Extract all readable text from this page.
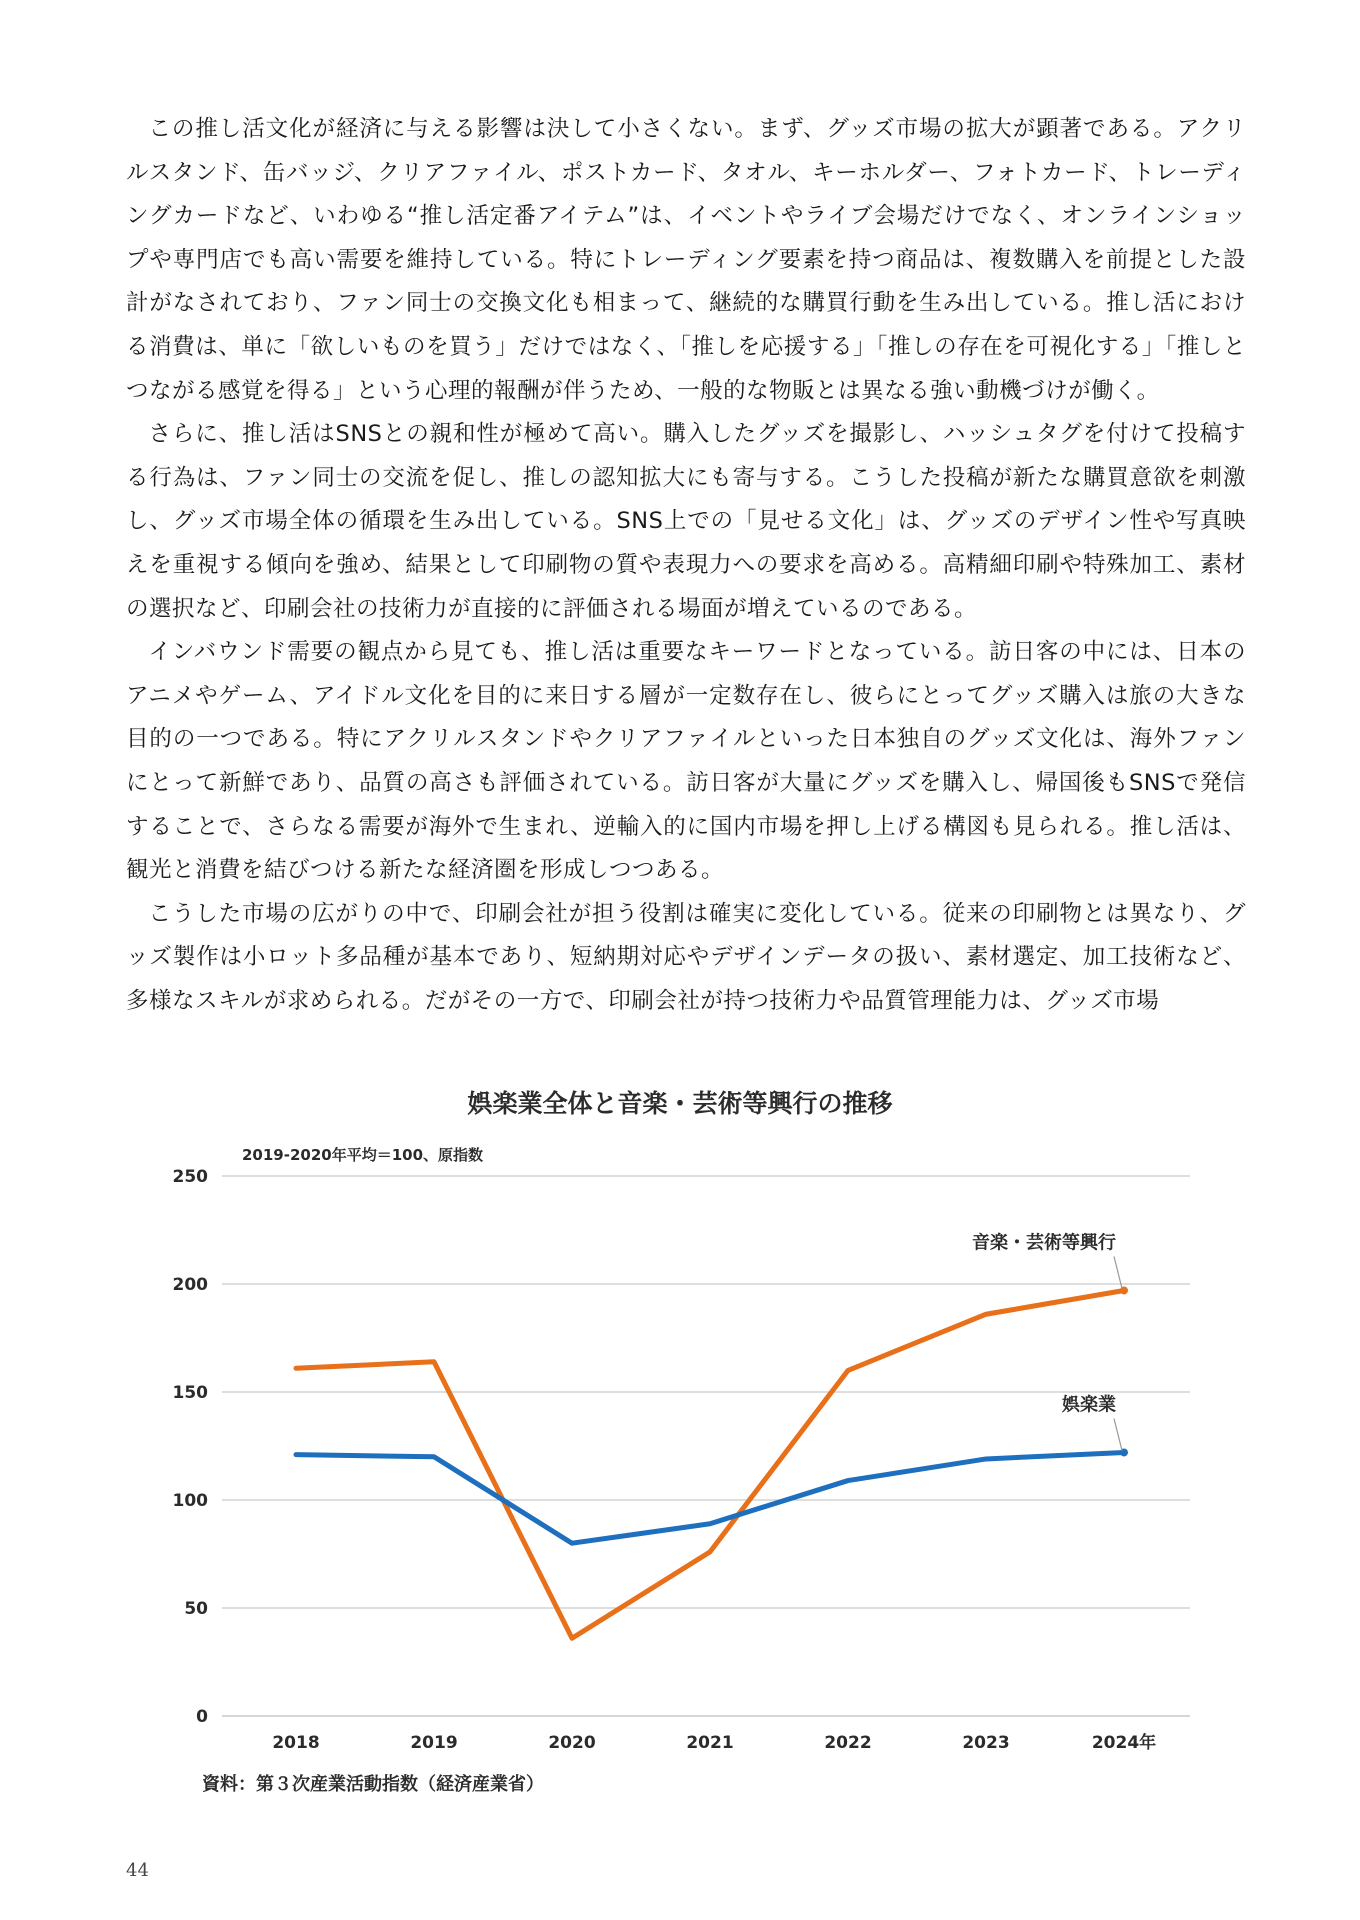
この推し活文化が経済に与える影響は決して小さくない。まず、グッズ市場の拡大が顕著である。アクリルスタンド、缶バッジ、クリアファイル、ポストカード、タオル、キーホルダー、フォトカード、トレーディングカードなど、いわゆる“推し活定番アイテム”は、イベントやライブ会場だけでなく、オンラインショップや専門店でも高い需要を維持している。特にトレーディング要素を持つ商品は、複数購入を前提とした設計がなされており、ファン同士の交換文化も相まって、継続的な購買行動を生み出している。推し活における消費は、単に「欲しいものを買う」だけではなく、「推しを応援する」「推しの存在を可視化する」「推しとつながる感覚を得る」という心理的報酬が伴うため、一般的な物販とは異なる強い動機づけが働く。

さらに、推し活はSNSとの親和性が極めて高い。購入したグッズを撮影し、ハッシュタグを付けて投稿する行為は、ファン同士の交流を促し、推しの認知拡大にも寄与する。こうした投稿が新たな購買意欲を刺激し、グッズ市場全体の循環を生み出している。SNS上での「見せる文化」は、グッズのデザイン性や写真映えを重視する傾向を強め、結果として印刷物の質や表現力への要求を高める。高精細印刷や特殊加工、素材の選択など、印刷会社の技術力が直接的に評価される場面が増えているのである。

インバウンド需要の観点から見ても、推し活は重要なキーワードとなっている。訪日客の中には、日本のアニメやゲーム、アイドル文化を目的に来日する層が一定数存在し、彼らにとってグッズ購入は旅の大きな目的の一つである。特にアクリルスタンドやクリアファイルといった日本独自のグッズ文化は、海外ファンにとって新鮮であり、品質の高さも評価されている。訪日客が大量にグッズを購入し、帰国後もSNSで発信することで、さらなる需要が海外で生まれ、逆輸入的に国内市場を押し上げる構図も見られる。推し活は、観光と消費を結びつける新たな経済圏を形成しつつある。

こうした市場の広がりの中で、印刷会社が担う役割は確実に変化している。従来の印刷物とは異なり、グッズ製作は小ロット多品種が基本であり、短納期対応やデザインデータの扱い、素材選定、加工技術など、多様なスキルが求められる。だがその一方で、印刷会社が持つ技術力や品質管理能力は、グッズ市場

娯楽業全体と音楽・芸術等興行の推移
2019-2020年平均＝100、原指数
0
50
100
150
200
250
2018	2019	2020	2021	2022	2023	2024年
音楽・芸術等興行
娯楽業
資料：第３次産業活動指数（経済産業省）
44
